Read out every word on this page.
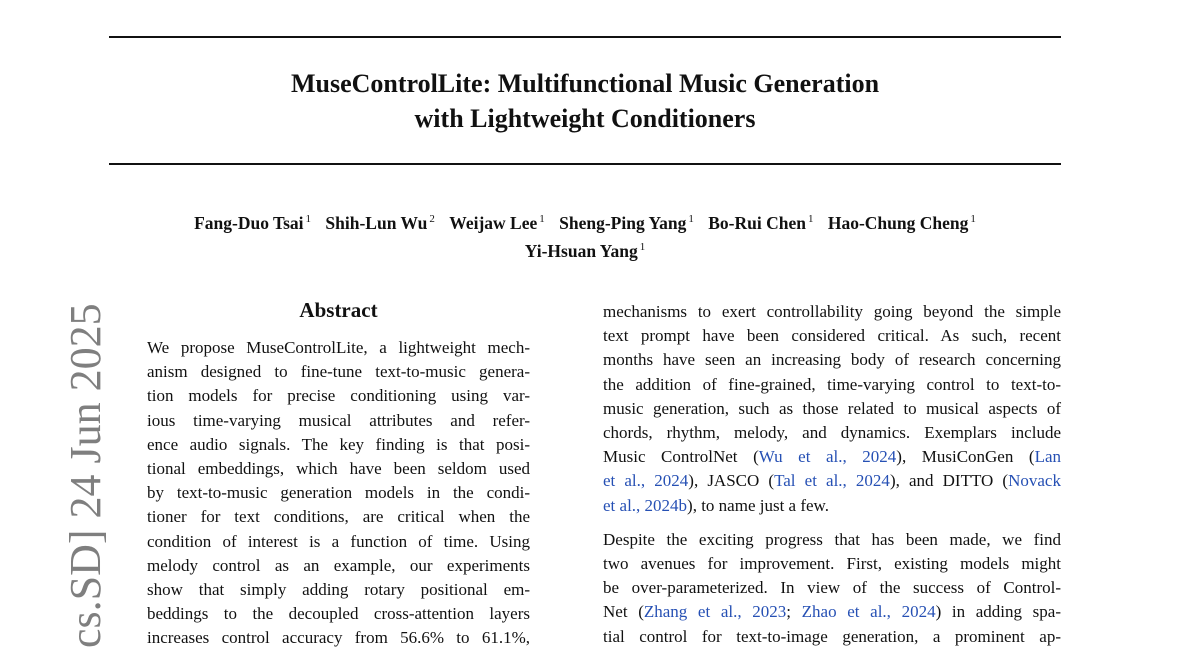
MuseControlLite: Multifunctional Music Generation
with Lightweight Conditioners
Fang-Duo Tsai $^1$ Shih-Lun Wu $^2$ Weijaw Lee $^1$ Sheng-Ping Yang $^1$ Bo-Rui Chen $^1$ Hao-Chung Cheng $^1$
Yi-Hsuan Yang $^1$
Abstract
We propose MuseControlLite, a lightweight mech-
anism designed to fine-tune text-to-music genera-
tion models for precise conditioning using var-
ious time-varying musical attributes and refer-
ence audio signals. The key finding is that posi-
tional embeddings, which have been seldom used
by text-to-music generation models in the condi-
tioner for text conditions, are critical when the
condition of interest is a function of time. Using
melody control as an example, our experiments
show that simply adding rotary positional em-
beddings to the decoupled cross-attention layers
increases control accuracy from 56.6% to 61.1%,

mechanisms to exert controllability going beyond the simple
text prompt have been considered critical. As such, recent
months have seen an increasing body of research concerning
the addition of fine-grained, time-varying control to text-to-
music generation, such as those related to musical aspects of
chords, rhythm, melody, and dynamics. Exemplars include
Music ControlNet (Wu et al., 2024), MusiConGen (Lan
et al., 2024), JASCO (Tal et al., 2024), and DITTO (Novack
et al., 2024b), to name just a few.

Despite the exciting progress that has been made, we find
two avenues for improvement. First, existing models might
be over-parameterized. In view of the success of Control-
Net (Zhang et al., 2023; Zhao et al., 2024) in adding spa-
tial control for text-to-image generation, a prominent ap-

cs.SD] 24 Jun 2025
